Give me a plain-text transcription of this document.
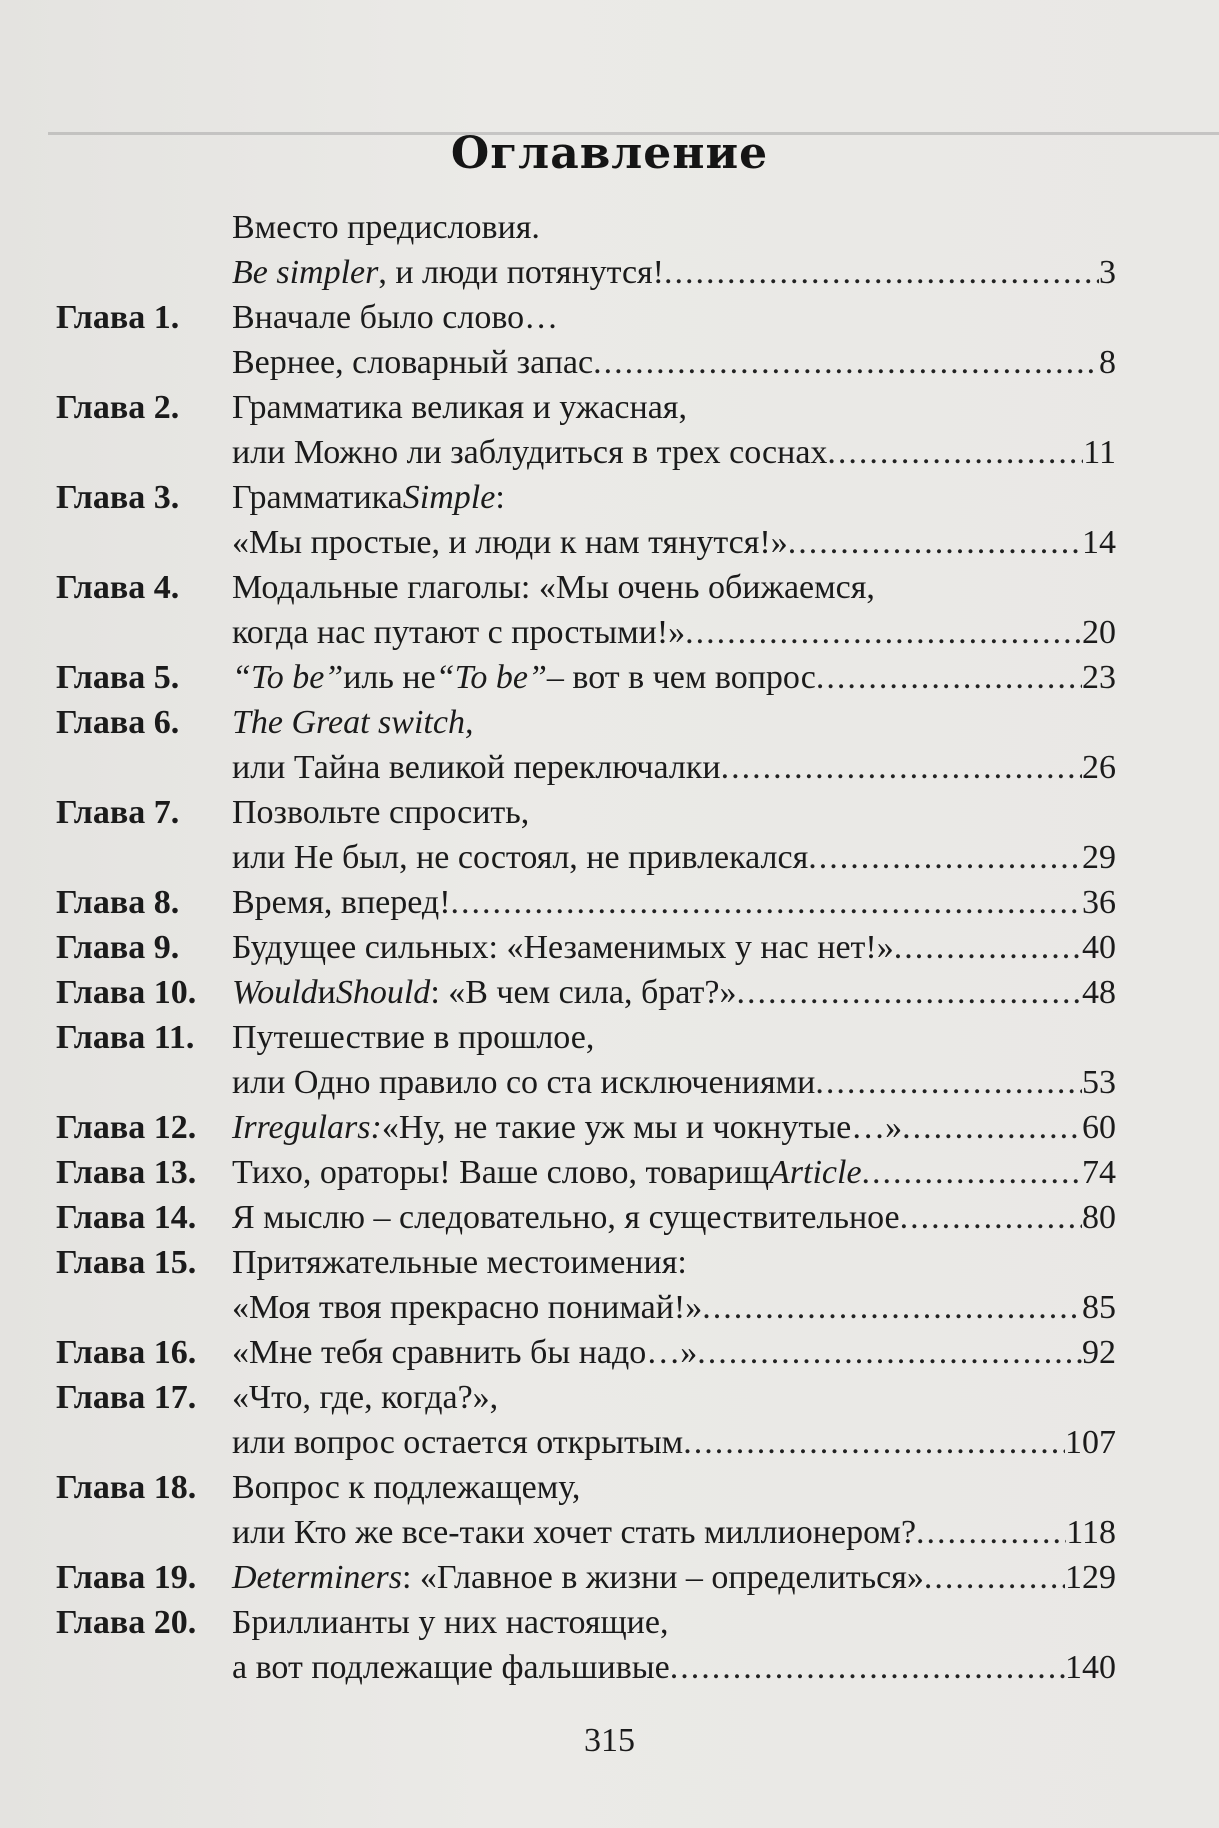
Оглавление
Вместо предисловия.
Be simpler , и люди потянутся! .....	3
Глава 1.	Вначале было слово…
Вернее, словарный запас .....	8
Глава 2.	Грамматика великая и ужасная,
или Можно ли заблудиться в трех соснах .....	11
Глава 3.	Грамматика Simple :
«Мы простые, и люди к нам тянутся!» .....	14
Глава 4.	Модальные глаголы: «Мы очень обижаемся,
когда нас путают с простыми!» .....	20
Глава 5.	“To be” иль не “To be” – вот в чем вопрос .....	23
Глава 6.	The Great switch,
или Тайна великой переключалки .....	26
Глава 7.	Позвольте спросить,
или Не был, не состоял, не привлекался .....	29
Глава 8.	Время, вперед! .....	36
Глава 9.	Будущее сильных: «Незаменимых у нас нет!» .....	40
Глава 10.	Would и Should : «В чем сила, брат?» .....	48
Глава 11.	Путешествие в прошлое,
или Одно правило со ста исключениями .....	53
Глава 12.	Irregulars: «Ну, не такие уж мы и чокнутые…» .....	60
Глава 13.	Тихо, ораторы! Ваше слово, товарищ Article .....	74
Глава 14.	Я мыслю – следовательно, я существительное .....	80
Глава 15.	Притяжательные местоимения:
«Моя твоя прекрасно понимай!» .....	85
Глава 16.	«Мне тебя сравнить бы надо…» .....	92
Глава 17.	«Что, где, когда?»,
или вопрос остается открытым .....	107
Глава 18.	Вопрос к подлежащему,
или Кто же все-таки хочет стать миллионером? .....	118
Глава 19.	Determiners : «Главное в жизни – определиться» .....	129
Глава 20.	Бриллианты у них настоящие,
а вот подлежащие фальшивые .....	140
315
